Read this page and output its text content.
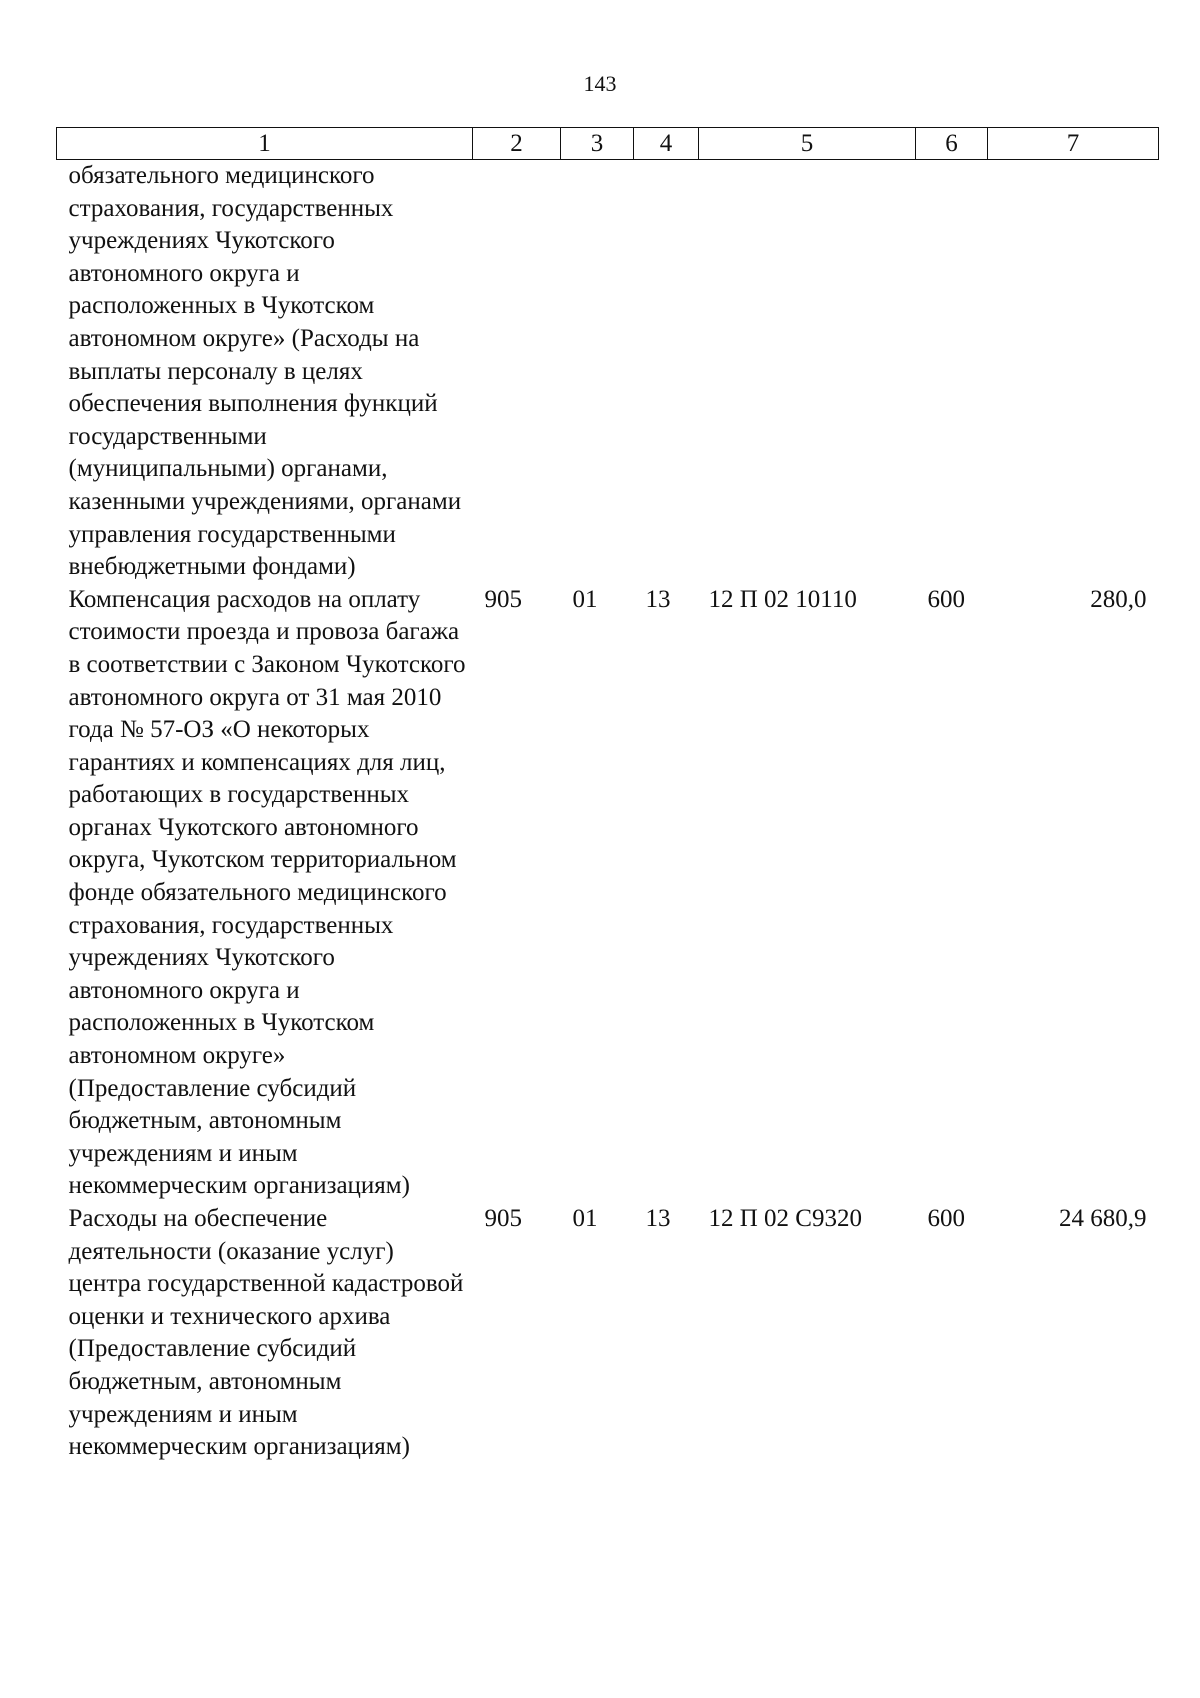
143
1	2	3	4	5	6	7
обязательного медицинского страхования, государственных учреждениях Чукотского автономного округа и расположенных в Чукотском автономном округе» (Расходы на выплаты персоналу в целях обеспечения выполнения функций государственными (муниципальными) органами, казенными учреждениями, органами управления государственными внебюджетными фондами)						
Компенсация расходов на оплату стоимости проезда и провоза багажа в соответствии с Законом Чукотского автономного округа от 31 мая 2010 года № 57-ОЗ «О некоторых гарантиях и компенсациях для лиц, работающих в государственных органах Чукотского автономного округа, Чукотском территориальном фонде обязательного медицинского страхования, государственных учреждениях Чукотского автономного округа и расположенных в Чукотском автономном округе» (Предоставление субсидий бюджетным, автономным учреждениям и иным некоммерческим организациям)	905	01	13	12 П 02 10110	600	280,0
Расходы на обеспечение деятельности (оказание услуг) центра государственной кадастровой оценки и технического архива (Предоставление субсидий бюджетным, автономным учреждениям и иным некоммерческим организациям)	905	01	13	12 П 02 С9320	600	24 680,9
